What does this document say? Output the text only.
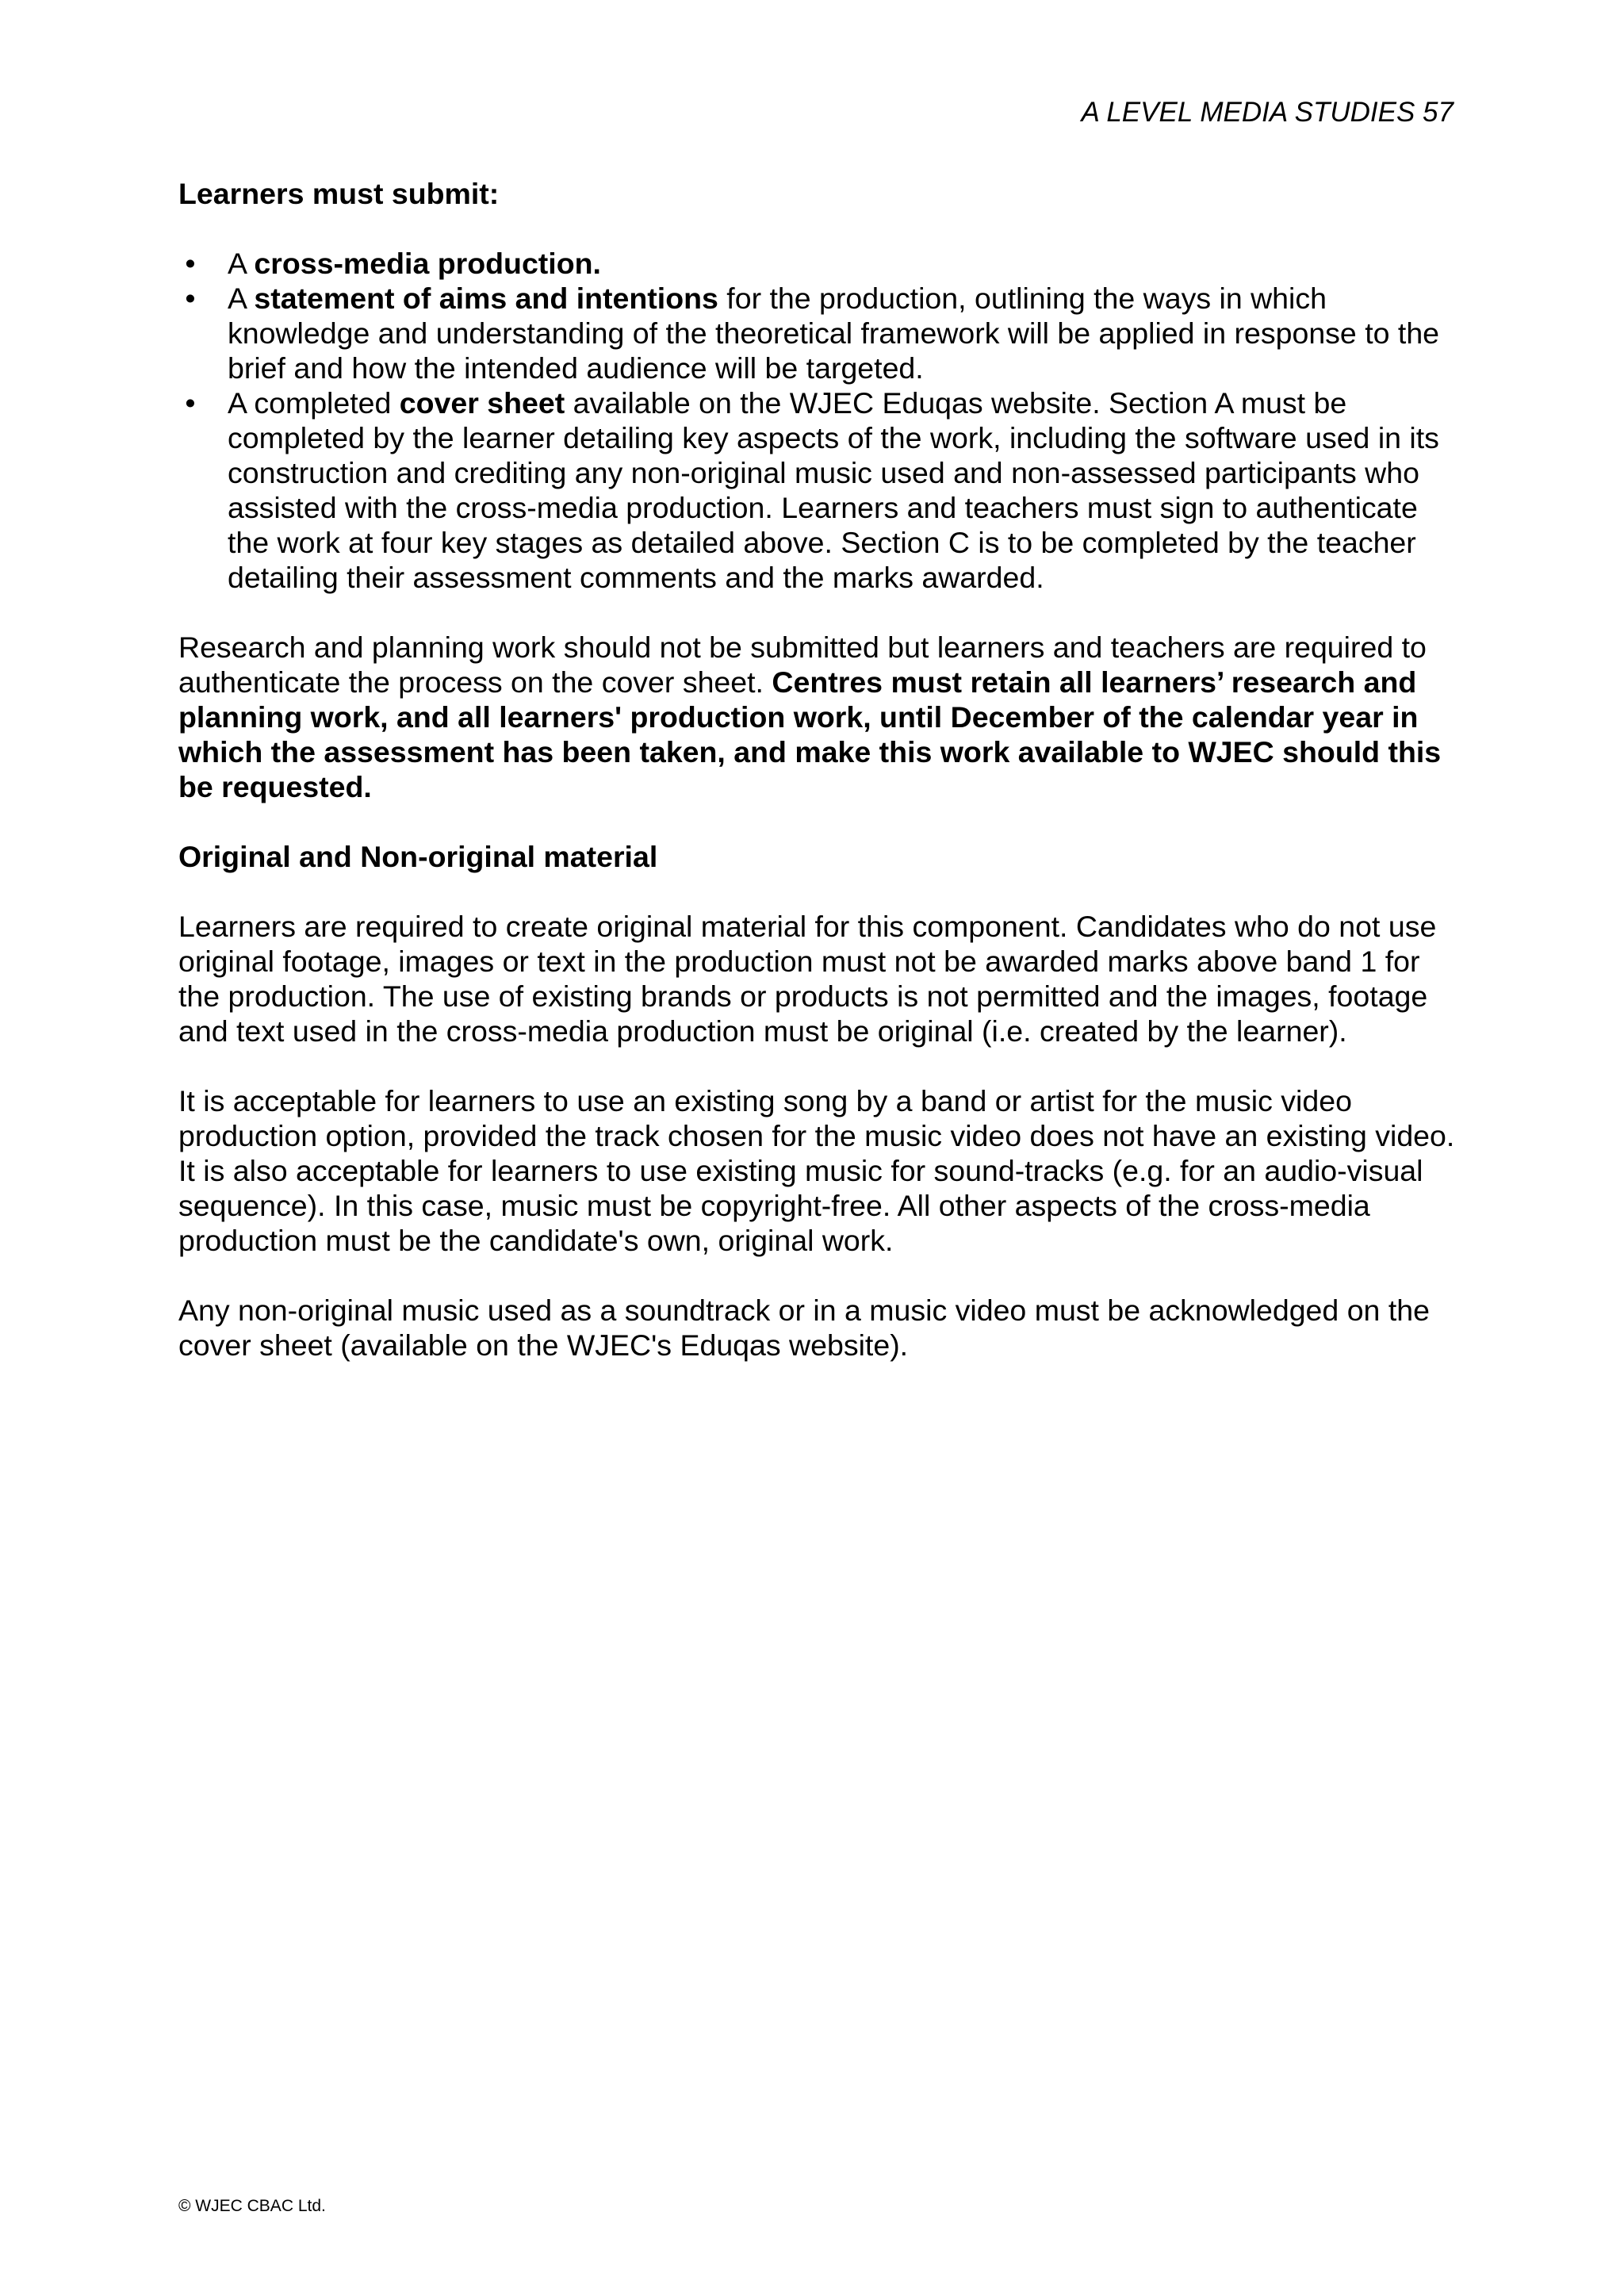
A LEVEL MEDIA STUDIES 57

Learners must submit:

• A cross-media production.
• A statement of aims and intentions for the production, outlining the ways in which knowledge and understanding of the theoretical framework will be applied in response to the brief and how the intended audience will be targeted.
• A completed cover sheet available on the WJEC Eduqas website. Section A must be completed by the learner detailing key aspects of the work, including the software used in its construction and crediting any non-original music used and non-assessed participants who assisted with the cross-media production. Learners and teachers must sign to authenticate the work at four key stages as detailed above. Section C is to be completed by the teacher detailing their assessment comments and the marks awarded.

Research and planning work should not be submitted but learners and teachers are required to authenticate the process on the cover sheet. Centres must retain all learners’ research and planning work, and all learners' production work, until December of the calendar year in which the assessment has been taken, and make this work available to WJEC should this be requested.

Original and Non-original material

Learners are required to create original material for this component. Candidates who do not use original footage, images or text in the production must not be awarded marks above band 1 for the production. The use of existing brands or products is not permitted and the images, footage and text used in the cross-media production must be original (i.e. created by the learner).

It is acceptable for learners to use an existing song by a band or artist for the music video production option, provided the track chosen for the music video does not have an existing video. It is also acceptable for learners to use existing music for sound-tracks (e.g. for an audio-visual sequence). In this case, music must be copyright-free. All other aspects of the cross-media production must be the candidate's own, original work.

Any non-original music used as a soundtrack or in a music video must be acknowledged on the cover sheet (available on the WJEC's Eduqas website).

© WJEC CBAC Ltd.
